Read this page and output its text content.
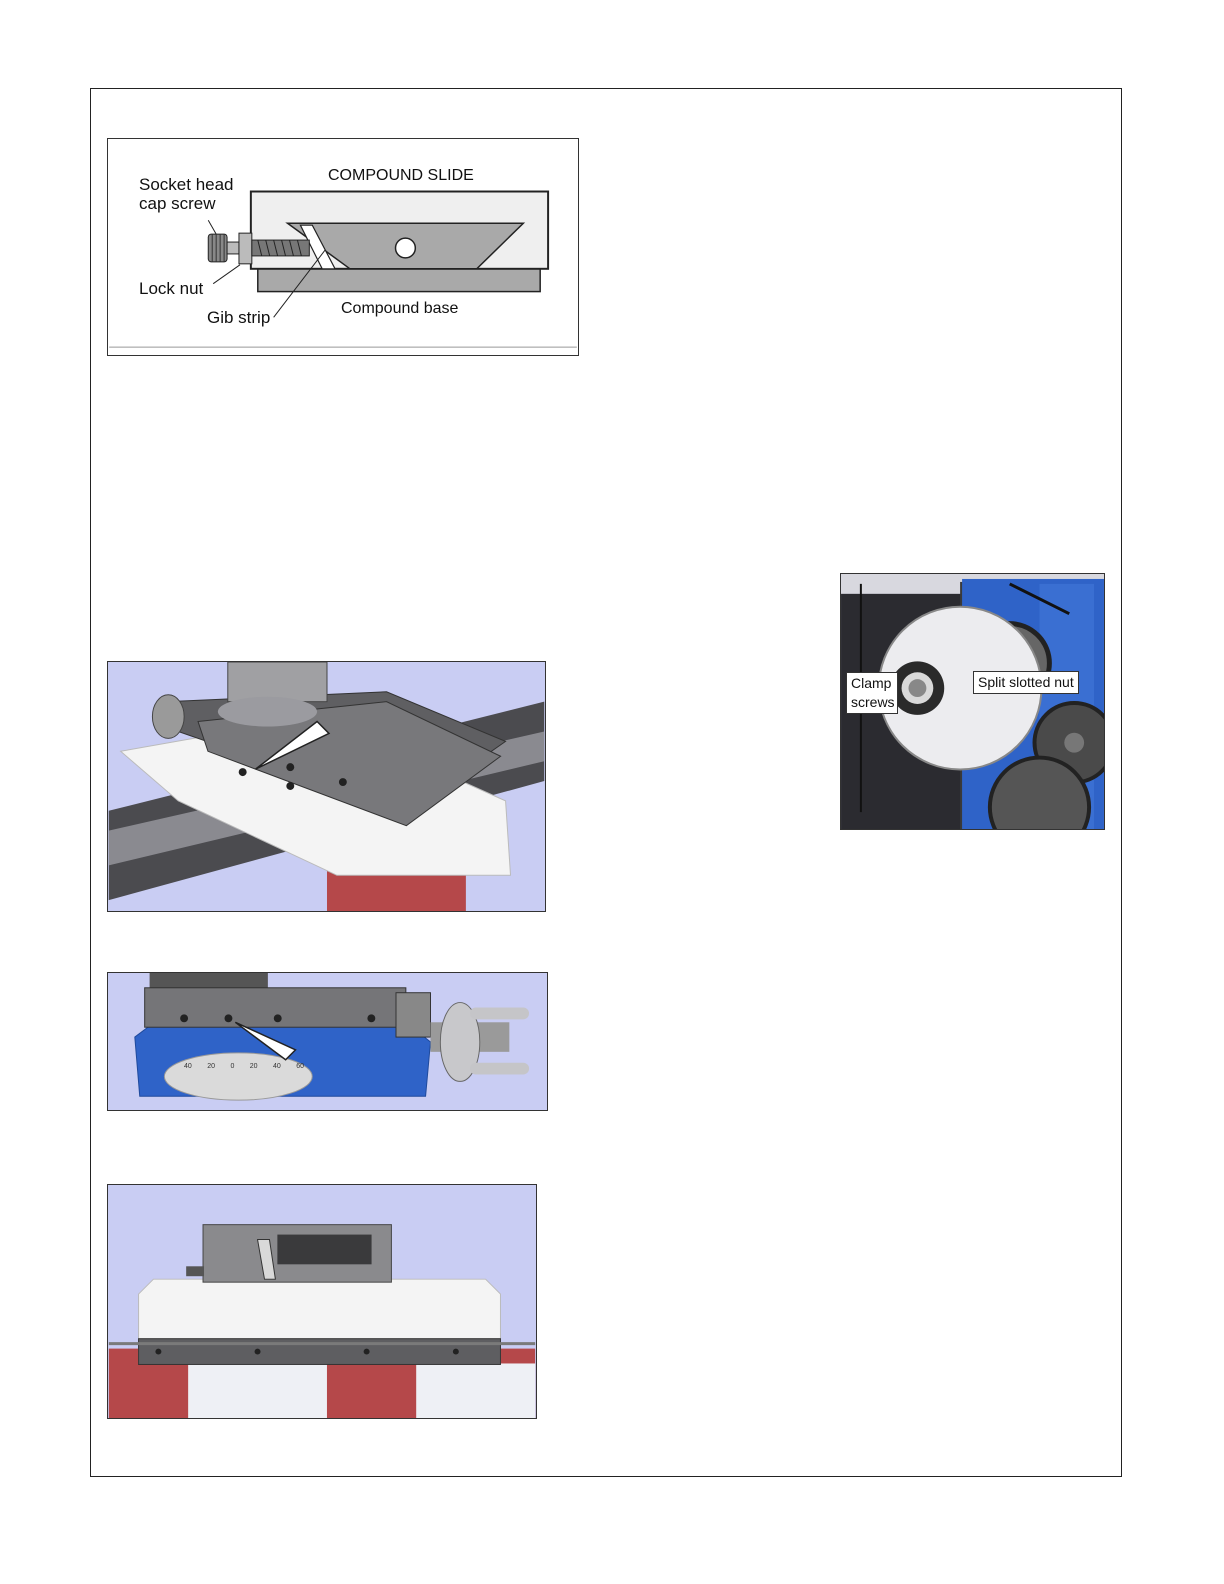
COMPOUND SLIDE
Socket head
cap screw
Lock nut
Gib strip	Compound base
Clamp
screws
Split slotted nut
40 20 0 20 40 60
